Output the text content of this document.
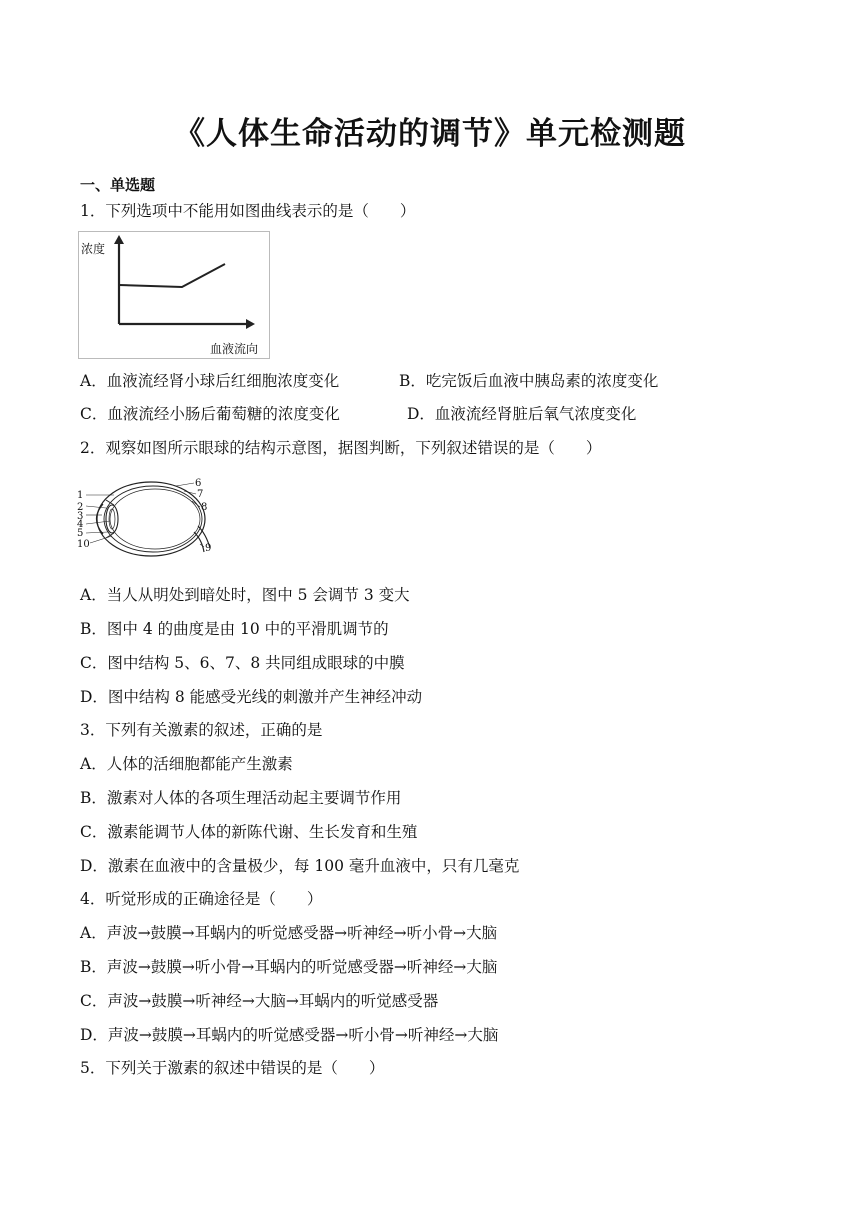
《人体生命活动的调节》单元检测题
一、单选题
1．下列选项中不能用如图曲线表示的是（　　）
浓度
血液流向
A．血液流经肾小球后红细胞浓度变化	B．吃完饭后血液中胰岛素的浓度变化
C．血液流经小肠后葡萄糖的浓度变化	D．血液流经肾脏后氧气浓度变化
2．观察如图所示眼球的结构示意图，据图判断，下列叙述错误的是（　　）
1
2
3
4
5
6
7
8
9
10
A．当人从明处到暗处时，图中 5 会调节 3 变大
B．图中 4 的曲度是由 10 中的平滑肌调节的
C．图中结构 5、6、7、8 共同组成眼球的中膜
D．图中结构 8 能感受光线的刺激并产生神经冲动
3．下列有关激素的叙述，正确的是
A．人体的活细胞都能产生激素
B．激素对人体的各项生理活动起主要调节作用
C．激素能调节人体的新陈代谢、生长发育和生殖
D．激素在血液中的含量极少，每 100 毫升血液中，只有几毫克
4．听觉形成的正确途径是（　　）
A．声波→鼓膜→耳蜗内的听觉感受器→听神经→听小骨→大脑
B．声波→鼓膜→听小骨→耳蜗内的听觉感受器→听神经→大脑
C．声波→鼓膜→听神经→大脑→耳蜗内的听觉感受器
D．声波→鼓膜→耳蜗内的听觉感受器→听小骨→听神经→大脑
5．下列关于激素的叙述中错误的是（　　）
